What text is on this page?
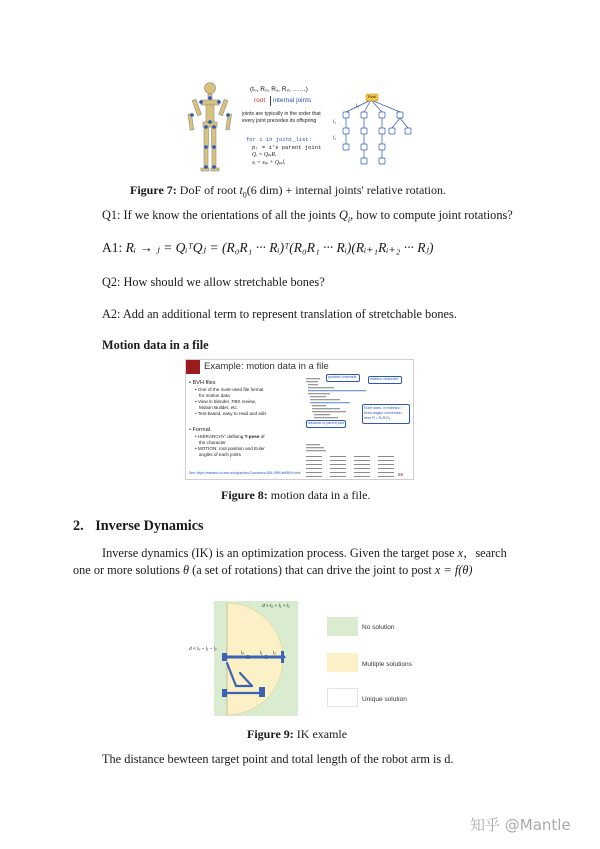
(t₀, R₀, R₁, R₂, ……)
root internal joints
joints are typically in the order that
every joint precedes its offspring
for i in joint_list:
pᵢ = i's parent joint
Qᵢ = QₚᵢRᵢ
xᵢ = xₚᵢ + Qₚᵢlᵢ
Root
l₀
l₁
l₂
Figure 7: DoF of root $t_0(6$ dim) + internal joints' relative rotation.
Q1: If we know the orientations of all the joints $Q_i$, how to compute joint rotations?
A1: Rᵢ → ⱼ = QᵢᵀQⱼ = (R₀R₁ ··· Rᵢ)ᵀ(R₀R₁ ··· Rᵢ)(Rᵢ₊₁Rᵢ₊₂ ··· Rⱼ)
Q2: How should we allow stretchable bones?
A2: Add an additional term to represent translation of stretchable bones.
Motion data in a file
Example: motion data in a file
• BVH files
• One of the most-used file format
for motion data
• View in blender, FBX review,
Motion Builder, etc.
• Text-based, easy to read and edit
• Format
• HIERARCHY: defining T-pose of
the character
• MOTION: root position and Euler
angles of each joints
See: https://research.cs.wisc.edu/graphics/Courses/cs-838-1999/Jeff/BVH.html
position channels	rotation channels
Euler axes, in extrinsic /
fixed angles convention:
here R = RᵧRₓRᵧ
distance to parent joint
58
Figure 8: motion data in a file.
2. Inverse Dynamics
Inverse dynamics (IK) is an optimization process. Given the target pose x，search
one or more solutions θ (a set of rotations) that can drive the joint to post x = f(θ)
d > l₀ + l₁ + l₂
l₀	l₁ l₂
d < l₀ − l₁ − l₂
No solution
Multiple solutions
Unique solution
Figure 9: IK examle
The distance bewteen target point and total length of the robot arm is d.
知乎 @Mantle
